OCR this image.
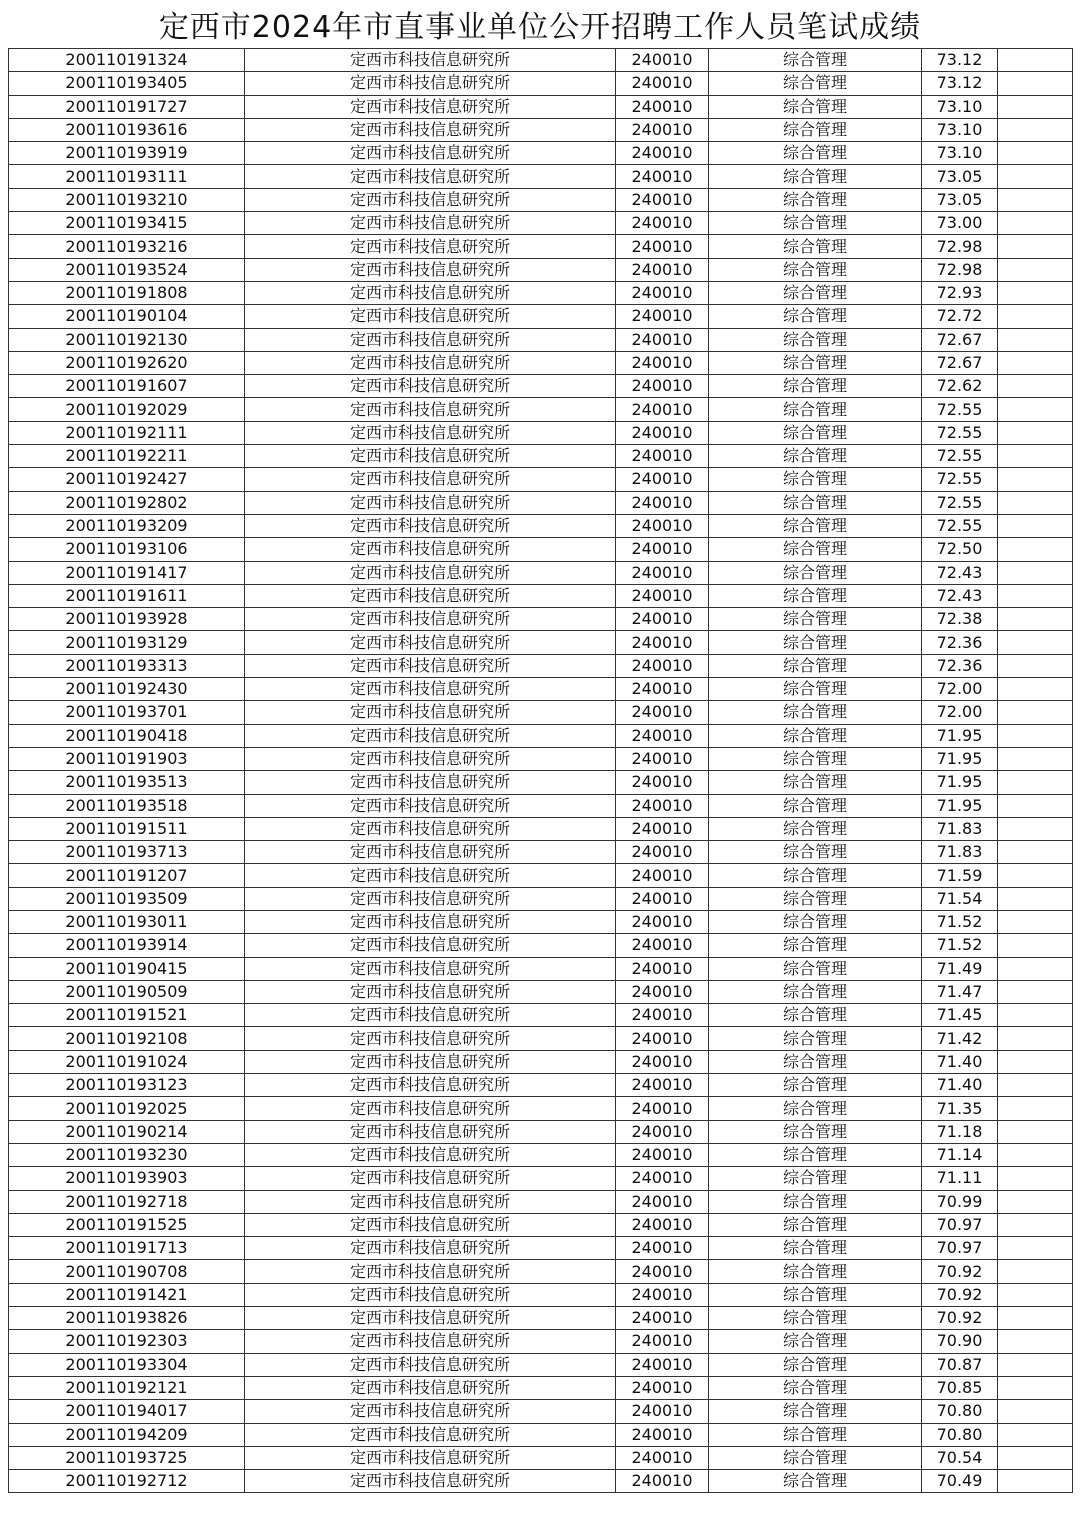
定西市2024年市直事业单位公开招聘工作人员笔试成绩
200110191324	定西市科技信息研究所	240010	综合管理	73.12	
200110193405	定西市科技信息研究所	240010	综合管理	73.12	
200110191727	定西市科技信息研究所	240010	综合管理	73.10	
200110193616	定西市科技信息研究所	240010	综合管理	73.10	
200110193919	定西市科技信息研究所	240010	综合管理	73.10	
200110193111	定西市科技信息研究所	240010	综合管理	73.05	
200110193210	定西市科技信息研究所	240010	综合管理	73.05	
200110193415	定西市科技信息研究所	240010	综合管理	73.00	
200110193216	定西市科技信息研究所	240010	综合管理	72.98	
200110193524	定西市科技信息研究所	240010	综合管理	72.98	
200110191808	定西市科技信息研究所	240010	综合管理	72.93	
200110190104	定西市科技信息研究所	240010	综合管理	72.72	
200110192130	定西市科技信息研究所	240010	综合管理	72.67	
200110192620	定西市科技信息研究所	240010	综合管理	72.67	
200110191607	定西市科技信息研究所	240010	综合管理	72.62	
200110192029	定西市科技信息研究所	240010	综合管理	72.55	
200110192111	定西市科技信息研究所	240010	综合管理	72.55	
200110192211	定西市科技信息研究所	240010	综合管理	72.55	
200110192427	定西市科技信息研究所	240010	综合管理	72.55	
200110192802	定西市科技信息研究所	240010	综合管理	72.55	
200110193209	定西市科技信息研究所	240010	综合管理	72.55	
200110193106	定西市科技信息研究所	240010	综合管理	72.50	
200110191417	定西市科技信息研究所	240010	综合管理	72.43	
200110191611	定西市科技信息研究所	240010	综合管理	72.43	
200110193928	定西市科技信息研究所	240010	综合管理	72.38	
200110193129	定西市科技信息研究所	240010	综合管理	72.36	
200110193313	定西市科技信息研究所	240010	综合管理	72.36	
200110192430	定西市科技信息研究所	240010	综合管理	72.00	
200110193701	定西市科技信息研究所	240010	综合管理	72.00	
200110190418	定西市科技信息研究所	240010	综合管理	71.95	
200110191903	定西市科技信息研究所	240010	综合管理	71.95	
200110193513	定西市科技信息研究所	240010	综合管理	71.95	
200110193518	定西市科技信息研究所	240010	综合管理	71.95	
200110191511	定西市科技信息研究所	240010	综合管理	71.83	
200110193713	定西市科技信息研究所	240010	综合管理	71.83	
200110191207	定西市科技信息研究所	240010	综合管理	71.59	
200110193509	定西市科技信息研究所	240010	综合管理	71.54	
200110193011	定西市科技信息研究所	240010	综合管理	71.52	
200110193914	定西市科技信息研究所	240010	综合管理	71.52	
200110190415	定西市科技信息研究所	240010	综合管理	71.49	
200110190509	定西市科技信息研究所	240010	综合管理	71.47	
200110191521	定西市科技信息研究所	240010	综合管理	71.45	
200110192108	定西市科技信息研究所	240010	综合管理	71.42	
200110191024	定西市科技信息研究所	240010	综合管理	71.40	
200110193123	定西市科技信息研究所	240010	综合管理	71.40	
200110192025	定西市科技信息研究所	240010	综合管理	71.35	
200110190214	定西市科技信息研究所	240010	综合管理	71.18	
200110193230	定西市科技信息研究所	240010	综合管理	71.14	
200110193903	定西市科技信息研究所	240010	综合管理	71.11	
200110192718	定西市科技信息研究所	240010	综合管理	70.99	
200110191525	定西市科技信息研究所	240010	综合管理	70.97	
200110191713	定西市科技信息研究所	240010	综合管理	70.97	
200110190708	定西市科技信息研究所	240010	综合管理	70.92	
200110191421	定西市科技信息研究所	240010	综合管理	70.92	
200110193826	定西市科技信息研究所	240010	综合管理	70.92	
200110192303	定西市科技信息研究所	240010	综合管理	70.90	
200110193304	定西市科技信息研究所	240010	综合管理	70.87	
200110192121	定西市科技信息研究所	240010	综合管理	70.85	
200110194017	定西市科技信息研究所	240010	综合管理	70.80	
200110194209	定西市科技信息研究所	240010	综合管理	70.80	
200110193725	定西市科技信息研究所	240010	综合管理	70.54	
200110192712	定西市科技信息研究所	240010	综合管理	70.49	
